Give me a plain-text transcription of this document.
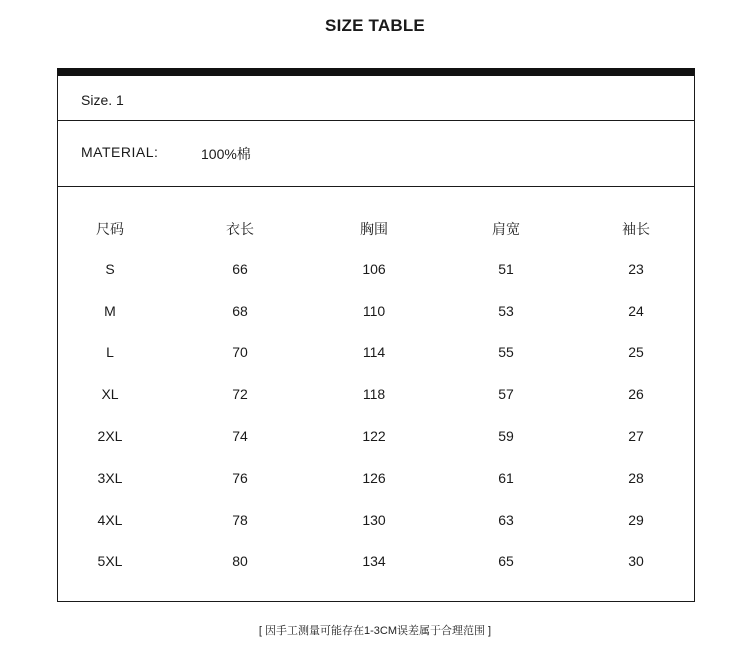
SIZE TABLE
Size. 1
MATERIAL:	100%棉
尺码	衣长	胸围	肩宽	袖长
S	66	106	51	23
M	68	110	53	24
L	70	114	55	25
XL	72	118	57	26
2XL	74	122	59	27
3XL	76	126	61	28
4XL	78	130	63	29
5XL	80	134	65	30
[ 因手工测量可能存在1-3CM误差属于合理范围 ]
